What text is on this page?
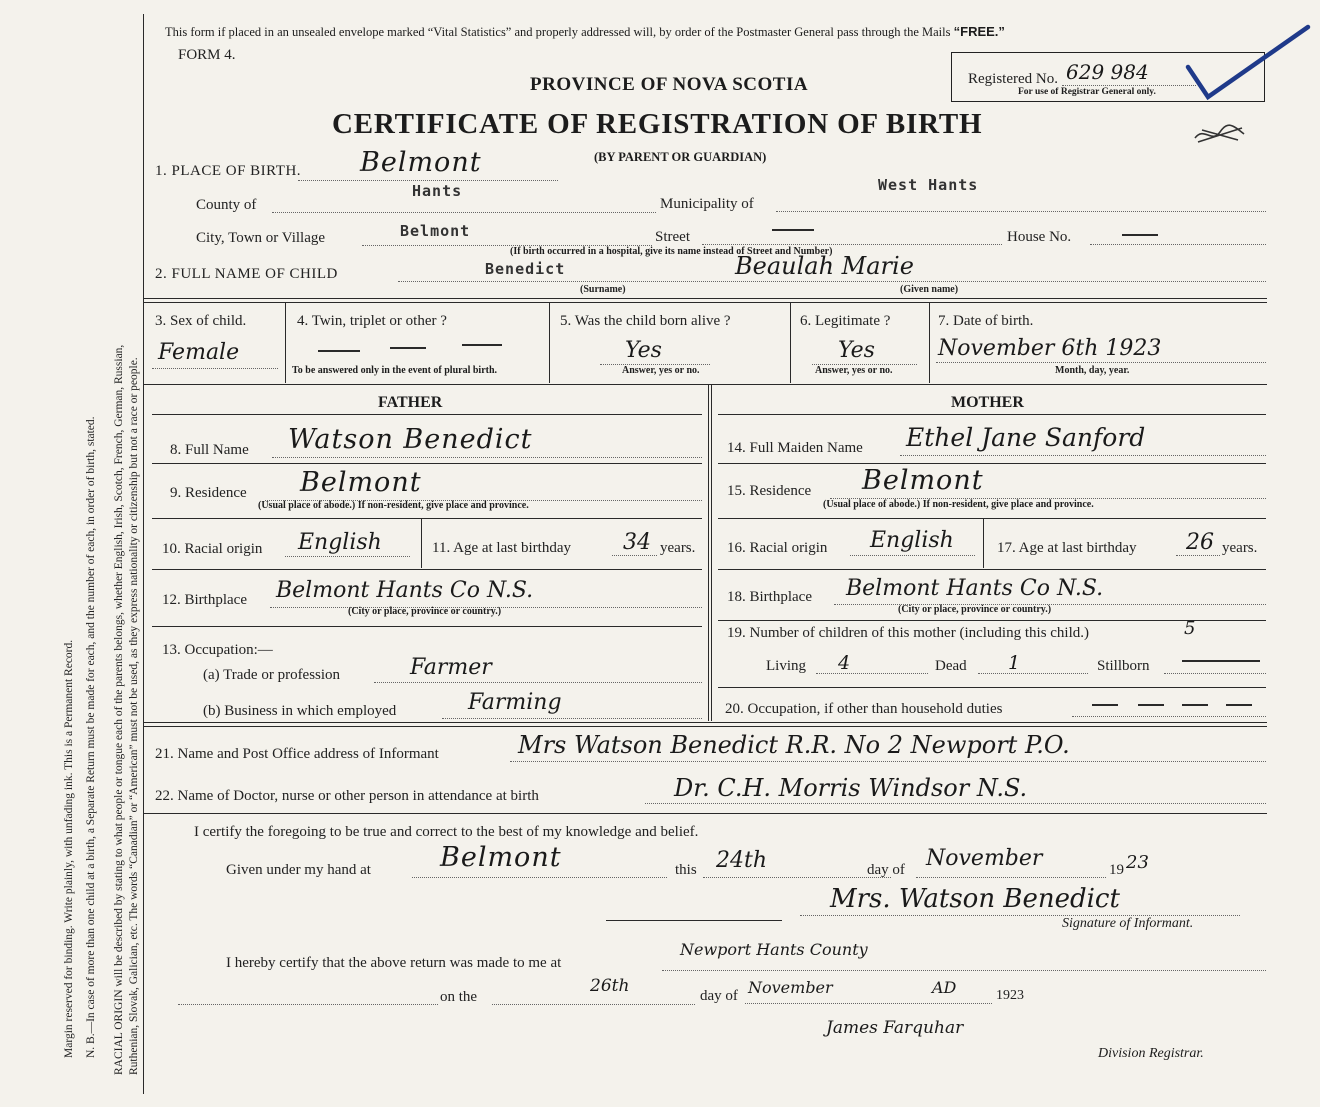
Margin reserved for binding. Write plainly, with unfading ink. This is a Permanent Record. N. B.—In case of more than one child at a birth, a Separate Return must be made for each, and the number of each, in order of birth, stated. RACIAL ORIGIN will be described by stating to what people or tongue each of the parents belongs, whether English, Irish, Scotch, French, German, Russian, Ruthenian, Slovak, Galician, etc. The words “Canadian” or “American” must not be used, as they express nationality or citizenship but not a race or people.
This form if placed in an unsealed envelope marked “Vital Statistics” and properly addressed will, by order of the Postmaster General pass through the Mails “FREE.”
FORM 4.
PROVINCE OF NOVA SCOTIA
CERTIFICATE OF REGISTRATION OF BIRTH
(BY PARENT OR GUARDIAN)
Registered No. 629 984
For use of Registrar General only.
1. PLACE OF BIRTH. Belmont
County of
Hants
Municipality of
West Hants
City, Town or Village	Belmont	Street	House No.
(If birth occurred in a hospital, give its name instead of Street and Number)
2. FULL NAME OF CHILD	Benedict	Beaulah Marie
(Surname)	(Given name)
3. Sex of child.
Female
4. Twin, triplet or other ?
To be answered only in the event of plural birth.
5. Was the child born alive ?
Yes
Answer, yes or no.
6. Legitimate ?
Yes
Answer, yes or no.
7. Date of birth.
November 6th 1923
Month, day, year.
FATHER	MOTHER
8. Full Name Watson Benedict
9. Residence Belmont
(Usual place of abode.) If non-resident, give place and province.
10. Racial origin English	11. Age at last birthday 34 years.
12. Birthplace Belmont Hants Co N.S.
(City or place, province or country.)
13. Occupation:—
(a) Trade or profession	Farmer
(b) Business in which employed	Farming
14. Full Maiden Name Ethel Jane Sanford
15. Residence Belmont
(Usual place of abode.) If non-resident, give place and province.
16. Racial origin English	17. Age at last birthday 26 years.
18. Birthplace Belmont Hants Co N.S.
(City or place, province or country.)
19. Number of children of this mother (including this child.)	5
Living 4	Dead 1	Stillborn
20. Occupation, if other than household duties
21. Name and Post Office address of Informant	Mrs Watson Benedict R.R. No 2 Newport P.O.
22. Name of Doctor, nurse or other person in attendance at birth	Dr. C.H. Morris Windsor N.S.
I certify the foregoing to be true and correct to the best of my knowledge and belief.
Given under my hand at	Belmont	this 24th	day of November	19 23
Mrs. Watson Benedict
Signature of Informant.
I hereby certify that the above return was made to me at
Newport Hants County
on the
26th	day of November	AD	1923
James Farquhar
Division Registrar.
